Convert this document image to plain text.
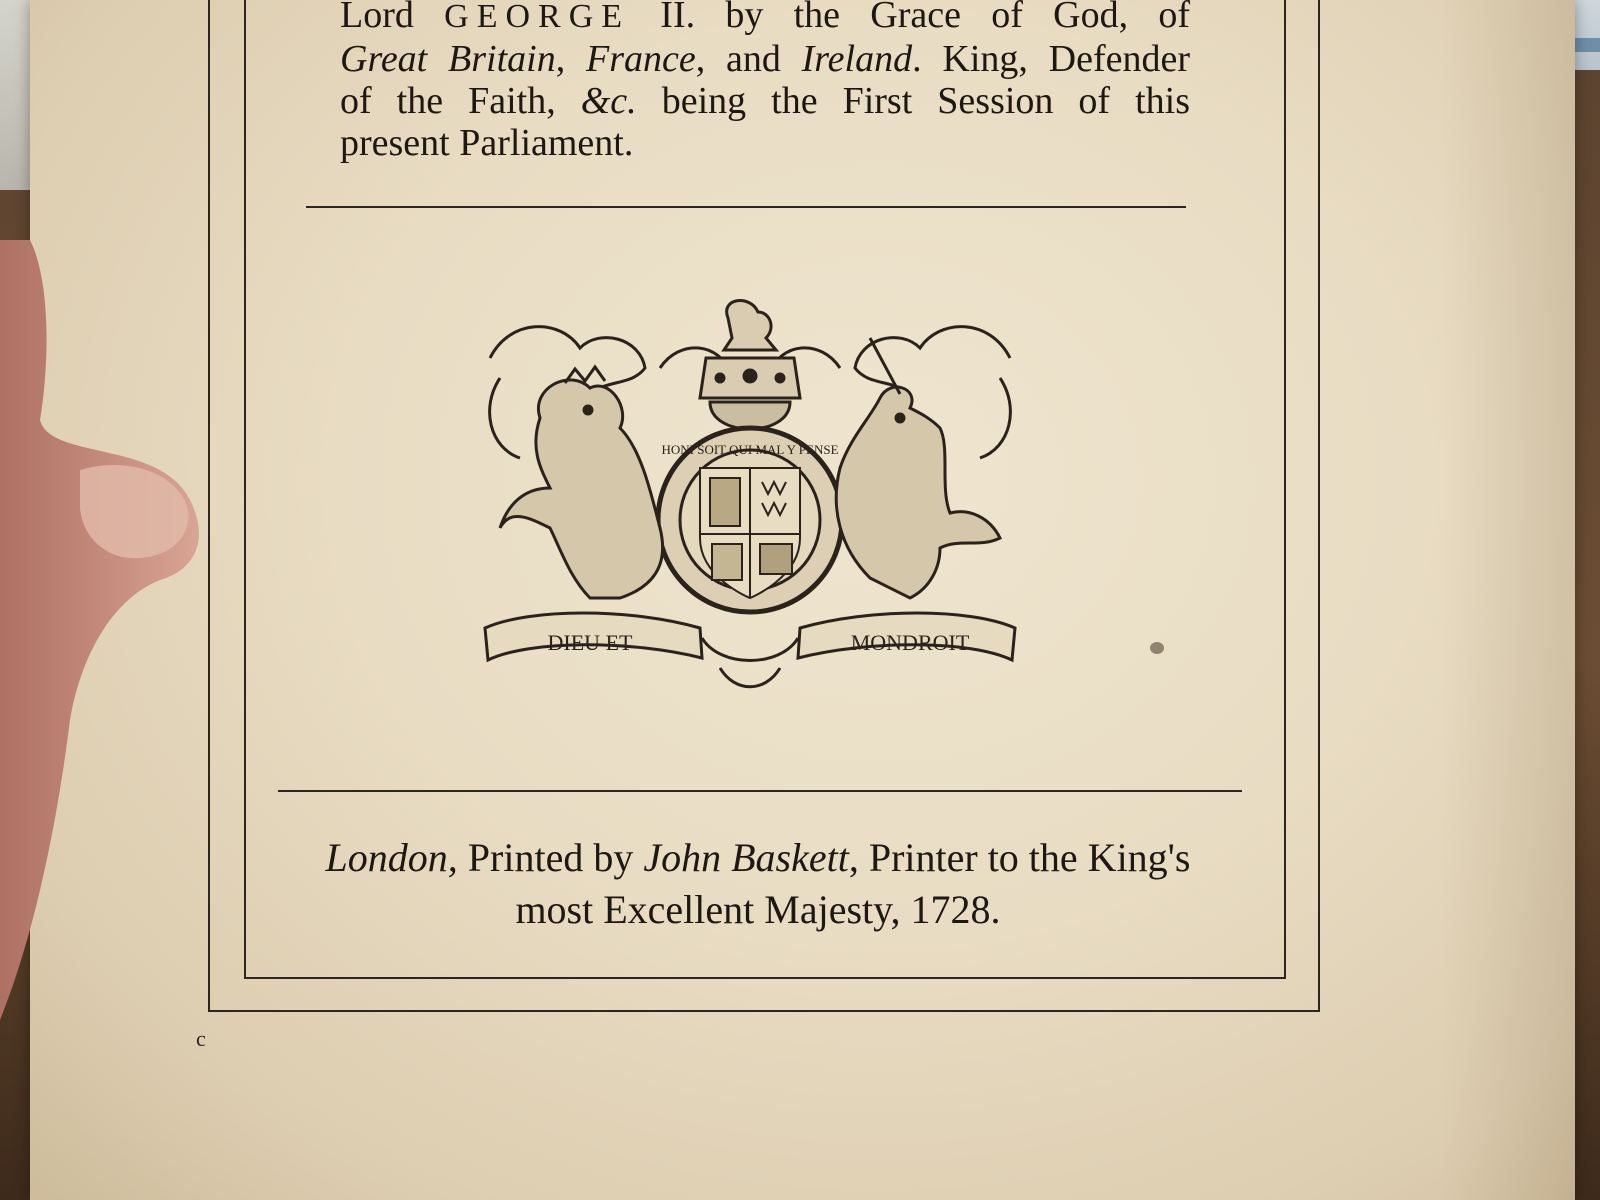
Lord GEORGE II. by the Grace of God, of
Great Britain, France, and Ireland. King, Defender
of the Faith, &c. being the First Session of this
present Parliament.
HONI SOIT QUI MAL Y PENSE
DIEU ET	MONDROIT
London, Printed by John Baskett, Printer to the King's
most Excellent Majesty, 1728.
c
